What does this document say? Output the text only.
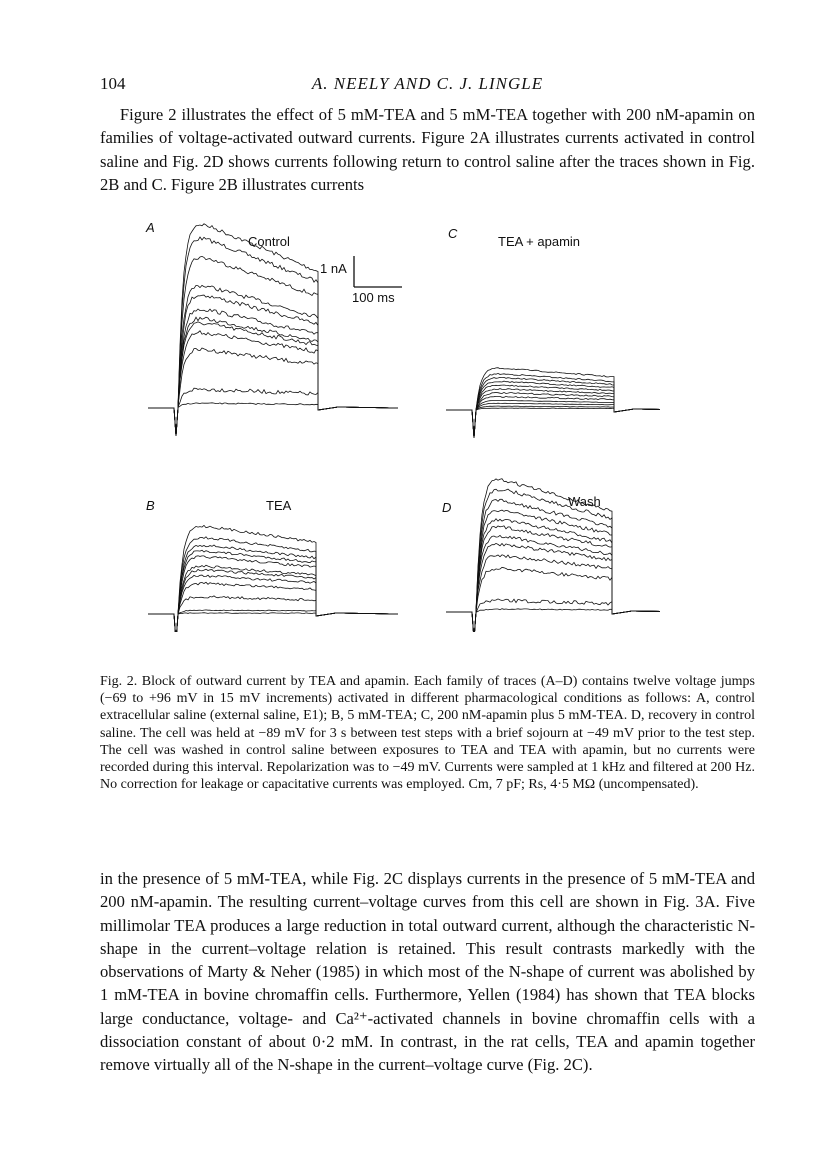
104	A. NEELY AND C. J. LINGLE

Figure 2 illustrates the effect of 5 mM-TEA and 5 mM-TEA together with 200 nM-apamin on families of voltage-activated outward currents. Figure 2A illustrates currents activated in control saline and Fig. 2D shows currents following return to control saline after the traces shown in Fig. 2B and C. Figure 2B illustrates currents

A
Control
C
TEA + apamin
B	TEA	D	Wash
1 nA
100 ms

Fig. 2. Block of outward current by TEA and apamin. Each family of traces (A–D) contains twelve voltage jumps (−69 to +96 mV in 15 mV increments) activated in different pharmacological conditions as follows: A, control extracellular saline (external saline, E1); B, 5 mM-TEA; C, 200 nM-apamin plus 5 mM-TEA. D, recovery in control saline. The cell was held at −89 mV for 3 s between test steps with a brief sojourn at −49 mV prior to the test step. The cell was washed in control saline between exposures to TEA and TEA with apamin, but no currents were recorded during this interval. Repolarization was to −49 mV. Currents were sampled at 1 kHz and filtered at 200 Hz. No correction for leakage or capacitative currents was employed. Cm, 7 pF; Rs, 4·5 MΩ (uncompensated).

in the presence of 5 mM-TEA, while Fig. 2C displays currents in the presence of 5 mM-TEA and 200 nM-apamin. The resulting current–voltage curves from this cell are shown in Fig. 3A. Five millimolar TEA produces a large reduction in total outward current, although the characteristic N-shape in the current–voltage relation is retained. This result contrasts markedly with the observations of Marty & Neher (1985) in which most of the N-shape of current was abolished by 1 mM-TEA in bovine chromaffin cells. Furthermore, Yellen (1984) has shown that TEA blocks large conductance, voltage- and Ca²⁺-activated channels in bovine chromaffin cells with a dissociation constant of about 0·2 mM. In contrast, in the rat cells, TEA and apamin together remove virtually all of the N-shape in the current–voltage curve (Fig. 2C).
